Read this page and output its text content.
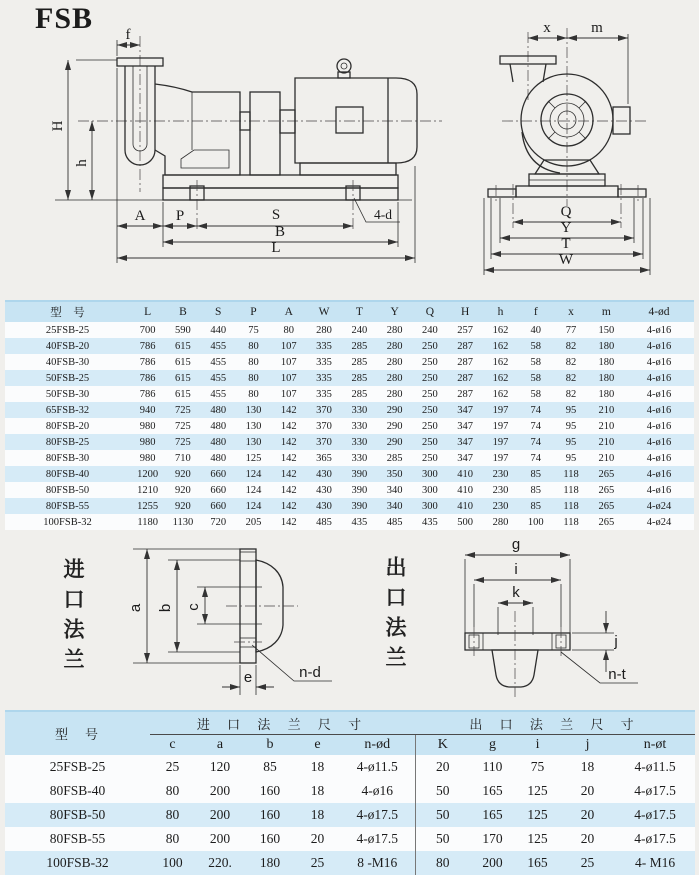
FSB f
H
h
A P	S
B
L
4-d
x	m
Q
Y
T
W
型　号	L	B	S	P	A	W	T	Y	Q	H	h	f	x	m	4-ød
25FSB-25	700	590	440	75	80	280	240	280	240	257	162	40	77	150	4-ø16
40FSB-20	786	615	455	80	107	335	285	280	250	287	162	58	82	180	4-ø16
40FSB-30	786	615	455	80	107	335	285	280	250	287	162	58	82	180	4-ø16
50FSB-25	786	615	455	80	107	335	285	280	250	287	162	58	82	180	4-ø16
50FSB-30	786	615	455	80	107	335	285	280	250	287	162	58	82	180	4-ø16
65FSB-32	940	725	480	130	142	370	330	290	250	347	197	74	95	210	4-ø16
80FSB-20	980	725	480	130	142	370	330	290	250	347	197	74	95	210	4-ø16
80FSB-25	980	725	480	130	142	370	330	290	250	347	197	74	95	210	4-ø16
80FSB-30	980	710	480	125	142	365	330	285	250	347	197	74	95	210	4-ø16
80FSB-40	1200	920	660	124	142	430	390	350	300	410	230	85	118	265	4-ø16
80FSB-50	1210	920	660	124	142	430	390	340	300	410	230	85	118	265	4-ø16
80FSB-55	1255	920	660	124	142	430	390	340	300	410	230	85	118	265	4-ø24
100FSB-32	1180	1130	720	205	142	485	435	485	435	500	280	100	118	265	4-ø24
进口法兰	出口法兰
a b c
e	n-d
g
i
k
j
n-t
型　号	进 口 法 兰 尺 寸					出 口 法 兰 尺 寸				
	c	a	b	e	n-ød	K	g	i	j	n-øt
25FSB-25	25	120	85	18	4-ø11.5	20	110	75	18	4-ø11.5
80FSB-40	80	200	160	18	4-ø16	50	165	125	20	4-ø17.5
80FSB-50	80	200	160	18	4-ø17.5	50	165	125	20	4-ø17.5
80FSB-55	80	200	160	20	4-ø17.5	50	170	125	20	4-ø17.5
100FSB-32	100	220.	180	25	8 -M16	80	200	165	25	4- M16
